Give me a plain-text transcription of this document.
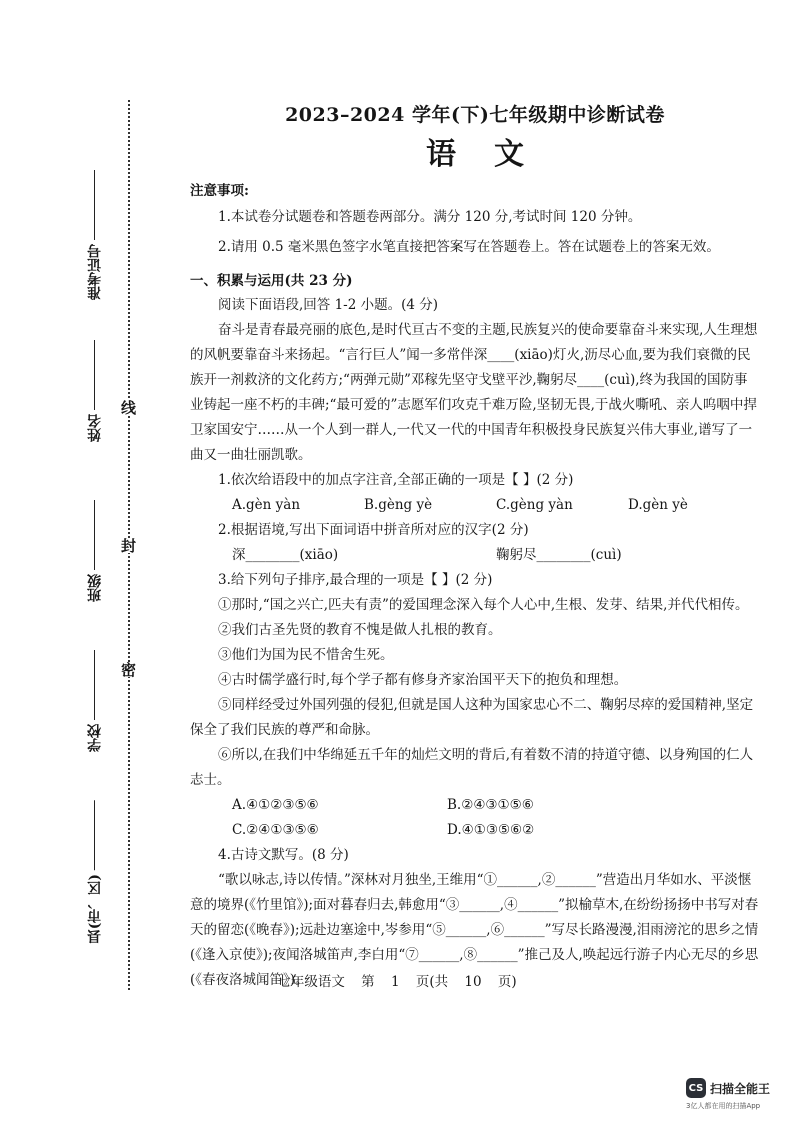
线
封
密
准考证号
姓名
班级
学校
县(市、区)
2023–2024 学年(下)七年级期中诊断试卷
语文
注意事项:
1.本试卷分试题卷和答题卷两部分。满分 120 分,考试时间 120 分钟。
2.请用 0.5 毫米黑色签字水笔直接把答案写在答题卷上。答在试题卷上的答案无效。
一、积累与运用(共 23 分)

阅读下面语段,回答 1-2 小题。(4 分)

奋斗是青春最亮丽的底色,是时代亘古不变的主题,民族复兴的使命要靠奋斗来实现,人生理想的风帆要靠奋斗来扬起。“言行巨人”闻一多常伴深____(xiāo)灯火,沥尽心血,要为我们衰微的民族开一剂救济的文化药方;“两弹元勋”邓稼先坚守戈壁平沙,鞠躬尽____(cuì),终为我国的国防事业铸起一座不朽的丰碑;“最可爱的”志愿军们攻克千难万险,坚韧无畏,于战火嘶吼、亲人呜咽中捍卫家国安宁……从一个人到一群人,一代又一代的中国青年积极投身民族复兴伟大事业,谱写了一曲又一曲壮丽凯歌。

1.依次给语段中的加点字注音,全部正确的一项是【 】(2 分)

A.gèn yàn	B.gèng yè	C.gèng yàn	D.gèn yè

2.根据语境,写出下面词语中拼音所对应的汉字(2 分)

深________(xiāo)	鞠躬尽________(cuì)

3.给下列句子排序,最合理的一项是【 】(2 分)

①那时,“国之兴亡,匹夫有责”的爱国理念深入每个人心中,生根、发芽、结果,并代代相传。

②我们古圣先贤的教育不愧是做人扎根的教育。

③他们为国为民不惜舍生死。

④古时儒学盛行时,每个学子都有修身齐家治国平天下的抱负和理想。

⑤同样经受过外国列强的侵犯,但就是国人这种为国家忠心不二、鞠躬尽瘁的爱国精神,坚定保全了我们民族的尊严和命脉。

⑥所以,在我们中华绵延五千年的灿烂文明的背后,有着数不清的持道守德、以身殉国的仁人志士。

A.④①②③⑤⑥	B.②④③①⑤⑥
C.②④①③⑤⑥	D.④①③⑤⑥②

4.古诗文默写。(8 分)

“歌以咏志,诗以传情。”深林对月独坐,王维用“①______,②______”营造出月华如水、平淡惬意的境界(《竹里馆》);面对暮春归去,韩愈用“③______,④______”拟榆草木,在纷纷扬扬中书写对春天的留恋(《晚春》);远赴边塞途中,岑参用“⑤______,⑥______”写尽长路漫漫,泪雨滂沱的思乡之情(《逢入京使》);夜闻洛城笛声,李白用“⑦______,⑧______”推己及人,唤起远行游子内心无尽的乡思(《春夜洛城闻笛》)。

七年级语文 第 1 页(共 10 页)
CS 扫描全能王
3亿人都在用的扫描App
